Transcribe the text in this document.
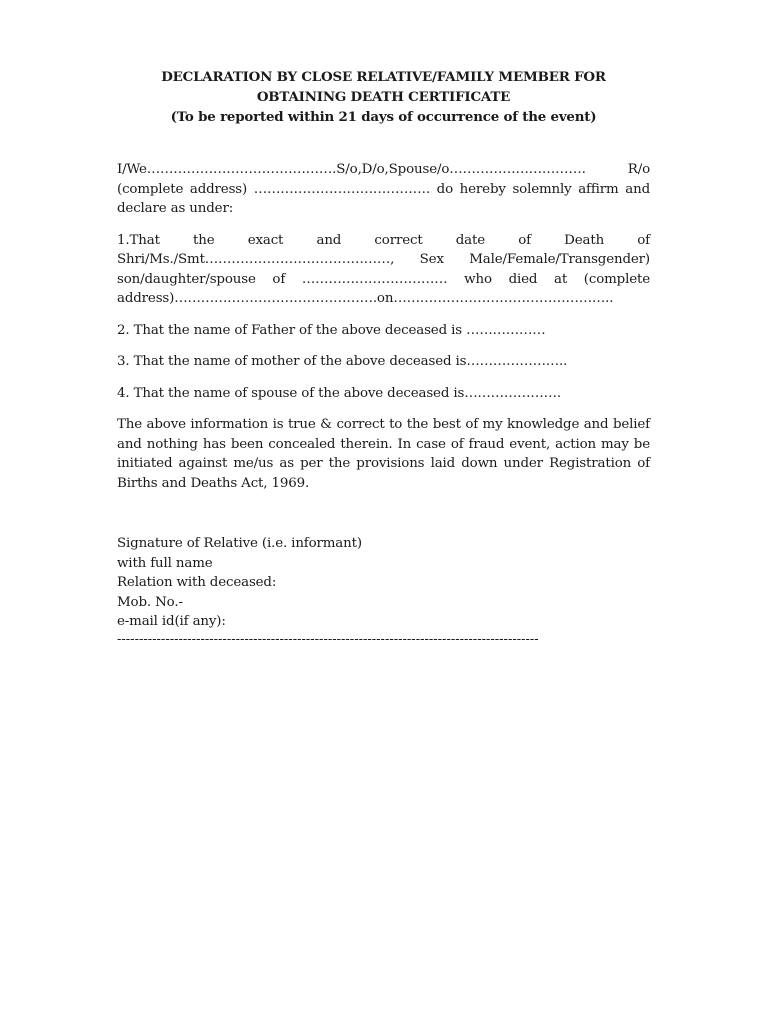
DECLARATION BY CLOSE RELATIVE/FAMILY MEMBER FOR

OBTAINING DEATH CERTIFICATE

(To be reported within 21 days of occurrence of the event)

I/We…………………………………….S/o,D/o,Spouse/o…………………………. R/o (complete address) …………………………………. do hereby solemnly affirm and declare as under:

1.That the exact and correct date of Death of Shri/Ms./Smt……………………………………, Sex Male/Female/Transgender) son/daughter/spouse of …………………………… who died at (complete address)……………………………………….on…………………………………………..

2. That the name of Father of the above deceased is ………………

3. That the name of mother of the above deceased is…………………..

4. That the name of spouse of the above deceased is………………….

The above information is true & correct to the best of my knowledge and belief and nothing has been concealed therein. In case of fraud event, action may be initiated against me/us as per the provisions laid down under Registration of Births and Deaths Act, 1969.

Signature of Relative (i.e. informant)

with full name

Relation with deceased:

Mob. No.-

e-mail id(if any):

------------------------------------------------------------------------------------------------
